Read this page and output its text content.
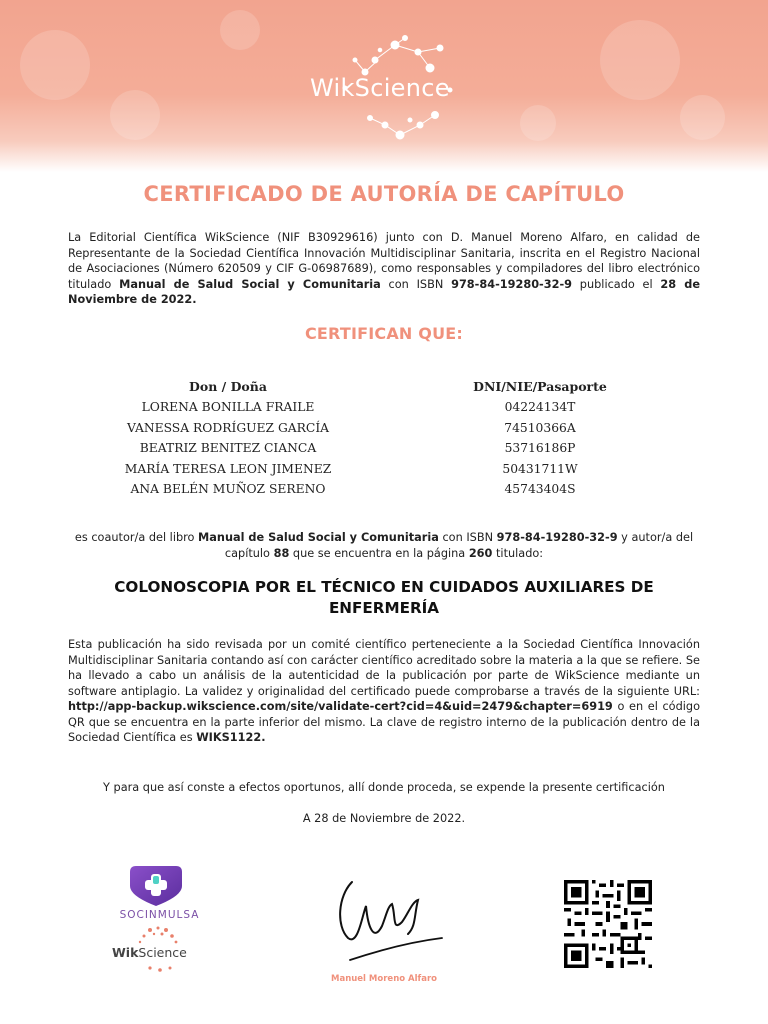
WikScience
CERTIFICADO DE AUTORÍA DE CAPÍTULO
La Editorial Científica WikScience (NIF B30929616) junto con D. Manuel Moreno Alfaro, en calidad de Representante de la Sociedad Científica Innovación Multidisciplinar Sanitaria, inscrita en el Registro Nacional de Asociaciones (Número 620509 y CIF G-06987689), como responsables y compiladores del libro electrónico titulado Manual de Salud Social y Comunitaria con ISBN 978-84-19280-32-9 publicado el 28 de Noviembre de 2022.
CERTIFICAN QUE:
Don / Doña
LORENA BONILLA FRAILE
VANESSA RODRÍGUEZ GARCÍA
BEATRIZ BENITEZ CIANCA
MARÍA TERESA LEON JIMENEZ
ANA BELÉN MUÑOZ SERENO
DNI/NIE/Pasaporte
04224134T
74510366A
53716186P
50431711W
45743404S
es coautor/a del libro Manual de Salud Social y Comunitaria con ISBN 978-84-19280-32-9 y autor/a del capítulo 88 que se encuentra en la página 260 titulado:
COLONOSCOPIA POR EL TÉCNICO EN CUIDADOS AUXILIARES DE ENFERMERÍA
Esta publicación ha sido revisada por un comité científico perteneciente a la Sociedad Científica Innovación Multidisciplinar Sanitaria contando así con carácter científico acreditado sobre la materia a la que se refiere. Se ha llevado a cabo un análisis de la autenticidad de la publicación por parte de WikScience mediante un software antiplagio. La validez y originalidad del certificado puede comprobarse a través de la siguiente URL: http://app-backup.wikscience.com/site/validate-cert?cid=4&uid=2479&chapter=6919 o en el código QR que se encuentra en la parte inferior del mismo. La clave de registro interno de la publicación dentro de la Sociedad Científica es WIKS1122.
Y para que así conste a efectos oportunos, allí donde proceda, se expende la presente certificación
A 28 de Noviembre de 2022.
SOCINMULSA
WikScience
Manuel Moreno Alfaro
